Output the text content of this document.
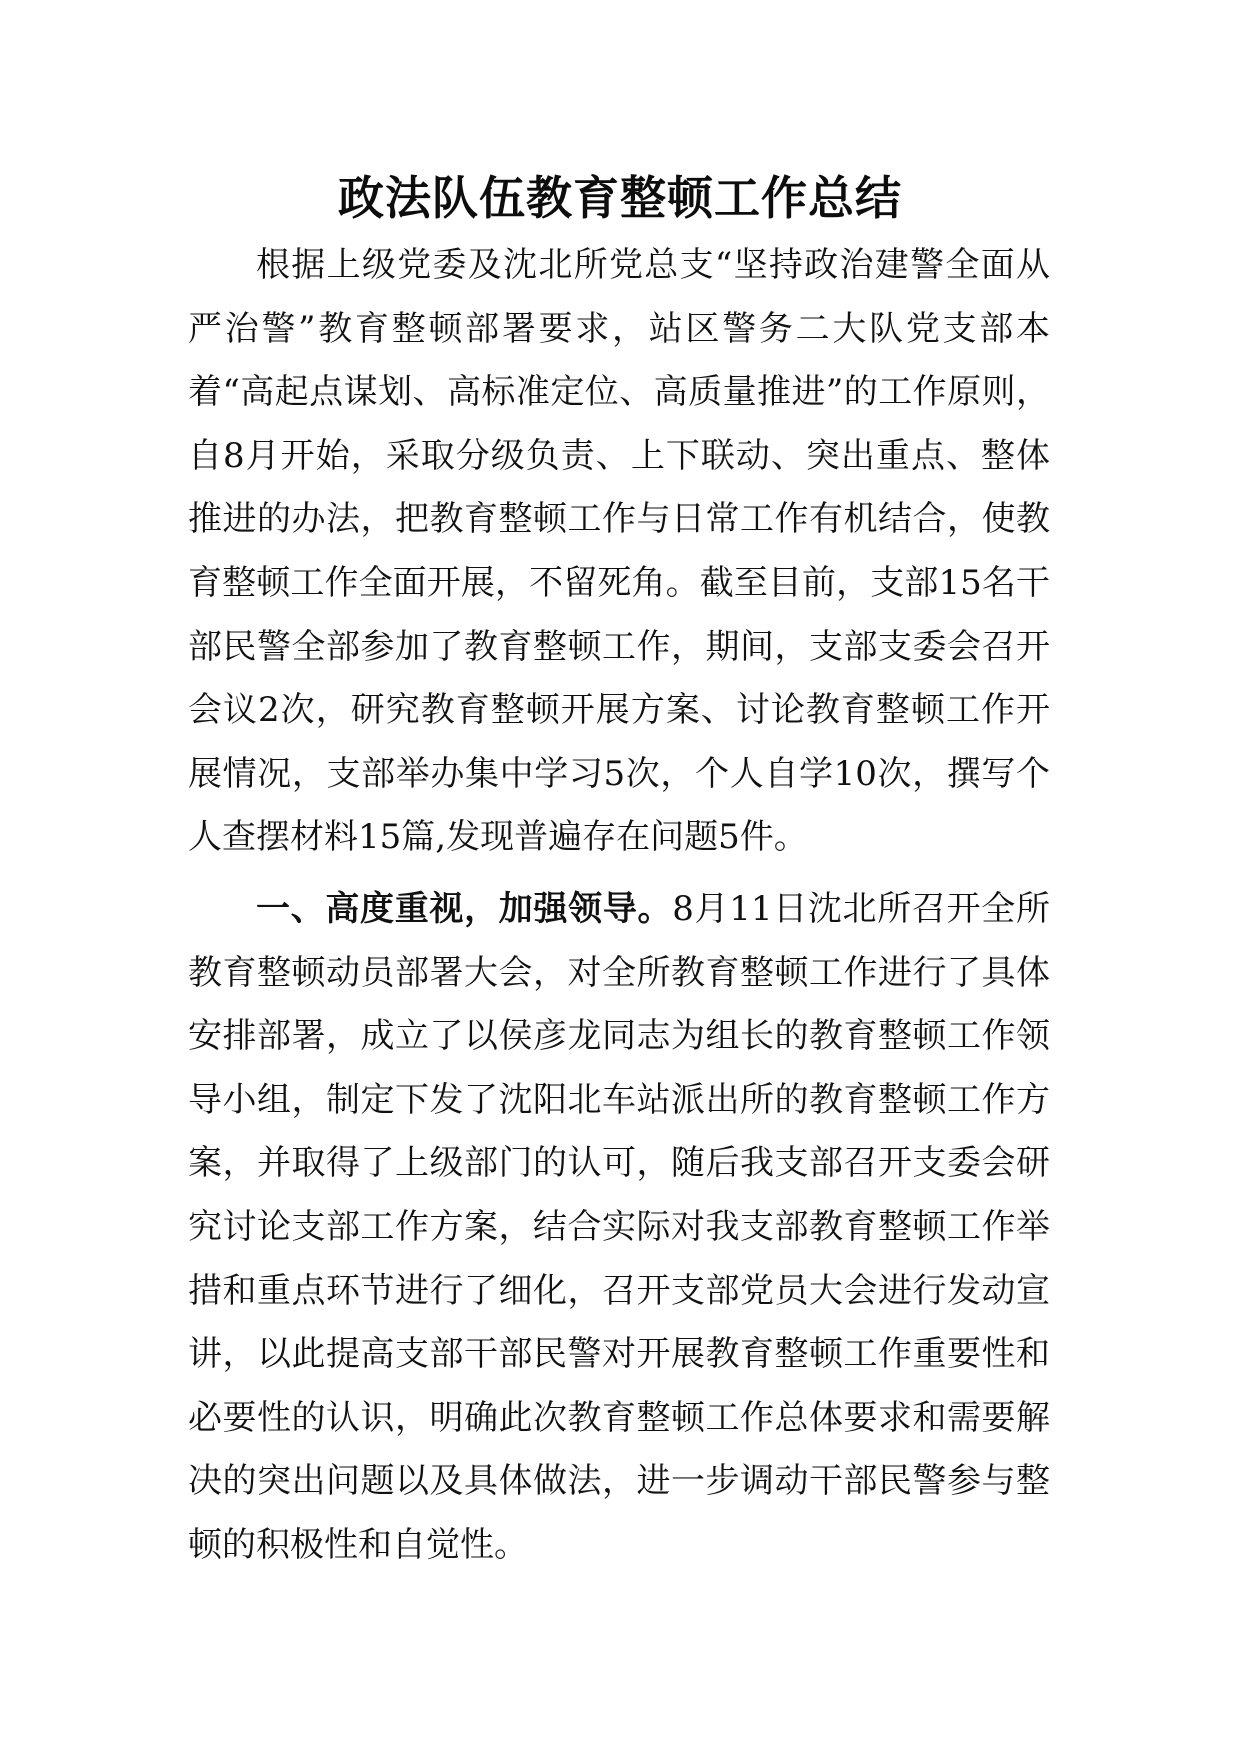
政法队伍教育整顿工作总结

根据上级党委及沈北所党总支“坚持政治建警全面从严治警”教育整顿部署要求，站区警务二大队党支部本着“高起点谋划、高标准定位、高质量推进”的工作原则，自8月开始，采取分级负责、上下联动、突出重点、整体推进的办法，把教育整顿工作与日常工作有机结合，使教育整顿工作全面开展，不留死角。截至目前，支部15名干部民警全部参加了教育整顿工作，期间，支部支委会召开会议2次，研究教育整顿开展方案、讨论教育整顿工作开展情况，支部举办集中学习5次，个人自学10次，撰写个人查摆材料15篇,发现普遍存在问题5件。

一、高度重视，加强领导。8月11日沈北所召开全所教育整顿动员部署大会，对全所教育整顿工作进行了具体安排部署，成立了以侯彦龙同志为组长的教育整顿工作领导小组，制定下发了沈阳北车站派出所的教育整顿工作方案，并取得了上级部门的认可，随后我支部召开支委会研究讨论支部工作方案，结合实际对我支部教育整顿工作举措和重点环节进行了细化，召开支部党员大会进行发动宣讲，以此提高支部干部民警对开展教育整顿工作重要性和必要性的认识，明确此次教育整顿工作总体要求和需要解决的突出问题以及具体做法，进一步调动干部民警参与整顿的积极性和自觉性。
